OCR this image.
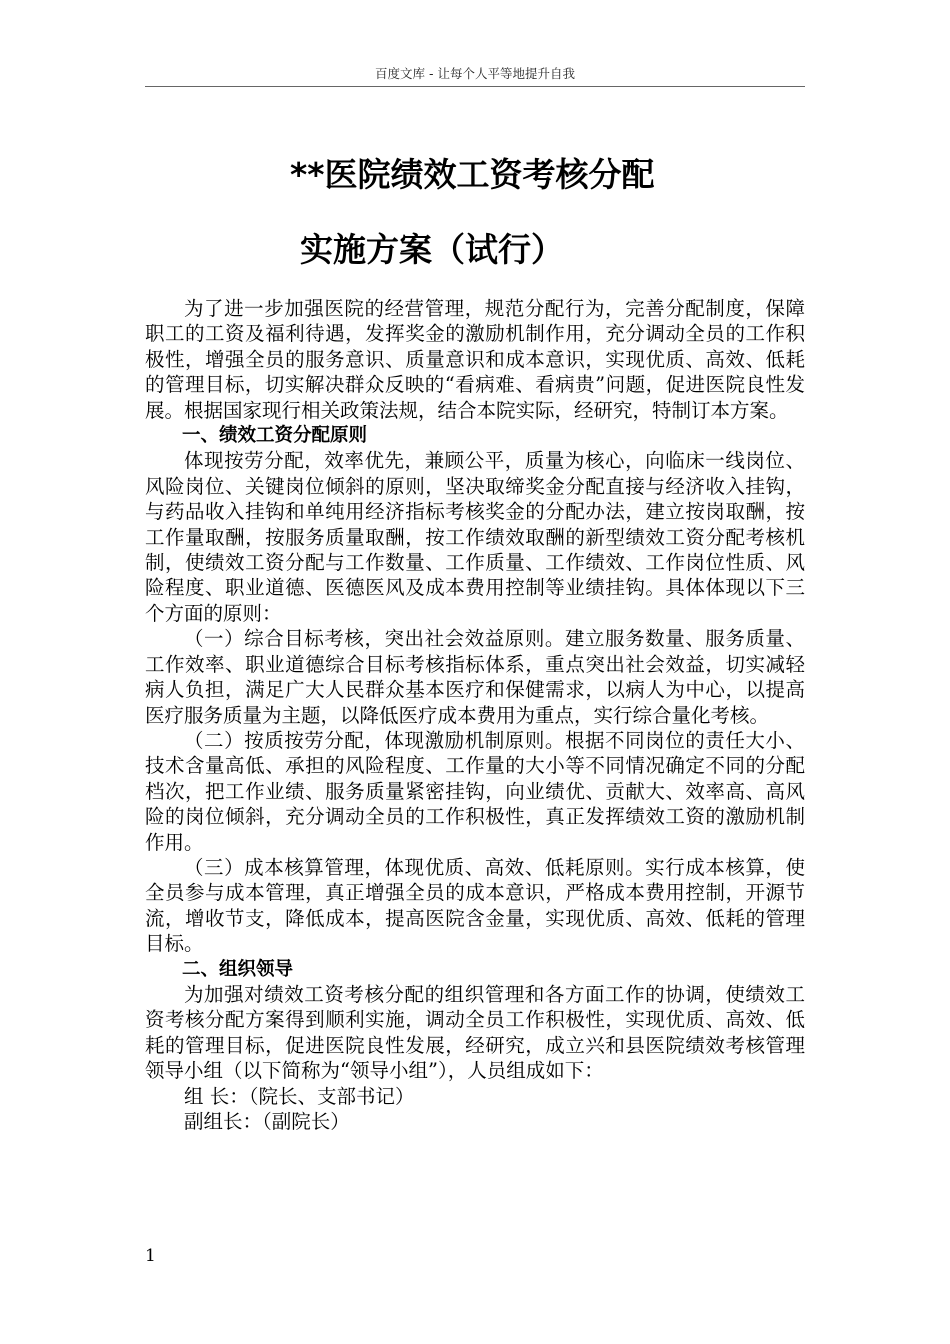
百度文库 - 让每个人平等地提升自我
**医院绩效工资考核分配
实施方案（试行）

为了进一步加强医院的经营管理，规范分配行为，完善分配制度，保障职工的工资及福利待遇，发挥奖金的激励机制作用，充分调动全员的工作积极性，增强全员的服务意识、质量意识和成本意识，实现优质、高效、低耗的管理目标，切实解决群众反映的“看病难、看病贵”问题，促进医院良性发展。根据国家现行相关政策法规，结合本院实际，经研究，特制订本方案。

一、绩效工资分配原则

体现按劳分配，效率优先，兼顾公平，质量为核心，向临床一线岗位、风险岗位、关键岗位倾斜的原则，坚决取缔奖金分配直接与经济收入挂钩，与药品收入挂钩和单纯用经济指标考核奖金的分配办法，建立按岗取酬，按工作量取酬，按服务质量取酬，按工作绩效取酬的新型绩效工资分配考核机制，使绩效工资分配与工作数量、工作质量、工作绩效、工作岗位性质、风险程度、职业道德、医德医风及成本费用控制等业绩挂钩。具体体现以下三个方面的原则：

（一）综合目标考核，突出社会效益原则。建立服务数量、服务质量、工作效率、职业道德综合目标考核指标体系，重点突出社会效益，切实减轻病人负担，满足广大人民群众基本医疗和保健需求，以病人为中心，以提高医疗服务质量为主题，以降低医疗成本费用为重点，实行综合量化考核。

（二）按质按劳分配，体现激励机制原则。根据不同岗位的责任大小、技术含量高低、承担的风险程度、工作量的大小等不同情况确定不同的分配档次，把工作业绩、服务质量紧密挂钩，向业绩优、贡献大、效率高、高风险的岗位倾斜，充分调动全员的工作积极性，真正发挥绩效工资的激励机制作用。

（三）成本核算管理，体现优质、高效、低耗原则。实行成本核算，使全员参与成本管理，真正增强全员的成本意识，严格成本费用控制，开源节流，增收节支，降低成本，提高医院含金量，实现优质、高效、低耗的管理目标。

二、组织领导

为加强对绩效工资考核分配的组织管理和各方面工作的协调，使绩效工资考核分配方案得到顺利实施，调动全员工作积极性，实现优质、高效、低耗的管理目标，促进医院良性发展，经研究，成立兴和县医院绩效考核管理领导小组（以下简称为“领导小组”），人员组成如下：

组 长：（院长、支部书记）

副组长：（副院长）

1
